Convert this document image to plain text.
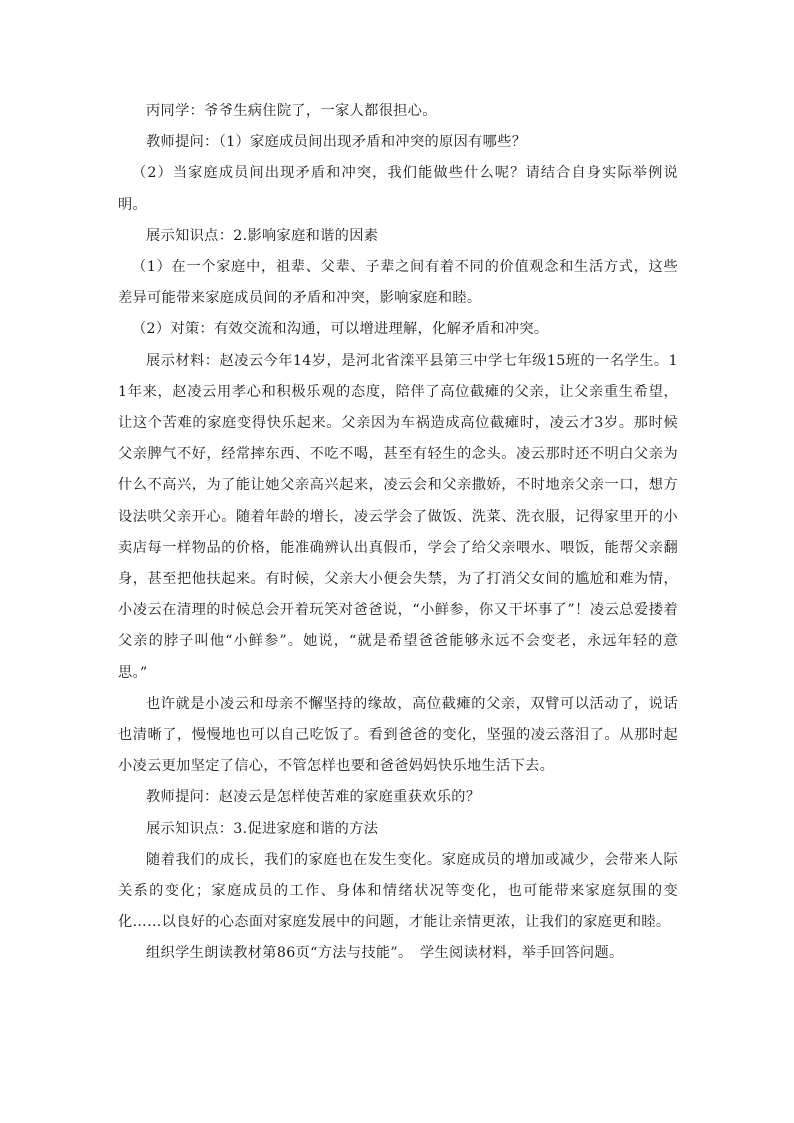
丙同学：爷爷生病住院了，一家人都很担心。

教师提问：（1）家庭成员间出现矛盾和冲突的原因有哪些？

（2）当家庭成员间出现矛盾和冲突，我们能做些什么呢？请结合自身实际举例说明。

展示知识点：2.影响家庭和谐的因素

（1）在一个家庭中，祖辈、父辈、子辈之间有着不同的价值观念和生活方式，这些差异可能带来家庭成员间的矛盾和冲突，影响家庭和睦。

（2）对策：有效交流和沟通，可以增进理解，化解矛盾和冲突。

展示材料：赵凌云今年14岁，是河北省滦平县第三中学七年级15班的一名学生。11年来，赵凌云用孝心和积极乐观的态度，陪伴了高位截瘫的父亲，让父亲重生希望，让这个苦难的家庭变得快乐起来。父亲因为车祸造成高位截瘫时，凌云才3岁。那时候父亲脾气不好，经常摔东西、不吃不喝，甚至有轻生的念头。凌云那时还不明白父亲为什么不高兴，为了能让她父亲高兴起来，凌云会和父亲撒娇，不时地亲父亲一口，想方设法哄父亲开心。随着年龄的增长，凌云学会了做饭、洗菜、洗衣服，记得家里开的小卖店每一样物品的价格，能准确辨认出真假币，学会了给父亲喂水、喂饭，能帮父亲翻身，甚至把他扶起来。有时候，父亲大小便会失禁，为了打消父女间的尴尬和难为情，小凌云在清理的时候总会开着玩笑对爸爸说，“小鲜参，你又干坏事了”！凌云总爱搂着父亲的脖子叫他“小鲜参”。她说，“就是希望爸爸能够永远不会变老，永远年轻的意思。”

也许就是小凌云和母亲不懈坚持的缘故，高位截瘫的父亲，双臂可以活动了，说话也清晰了，慢慢地也可以自己吃饭了。看到爸爸的变化，坚强的凌云落泪了。从那时起小凌云更加坚定了信心，不管怎样也要和爸爸妈妈快乐地生活下去。

教师提问：赵凌云是怎样使苦难的家庭重获欢乐的？

展示知识点：3.促进家庭和谐的方法

随着我们的成长，我们的家庭也在发生变化。家庭成员的增加或减少，会带来人际关系的变化；家庭成员的工作、身体和情绪状况等变化，也可能带来家庭氛围的变化……以良好的心态面对家庭发展中的问题，才能让亲情更浓，让我们的家庭更和睦。

组织学生朗读教材第86页“方法与技能”。　学生阅读材料，举手回答问题。
